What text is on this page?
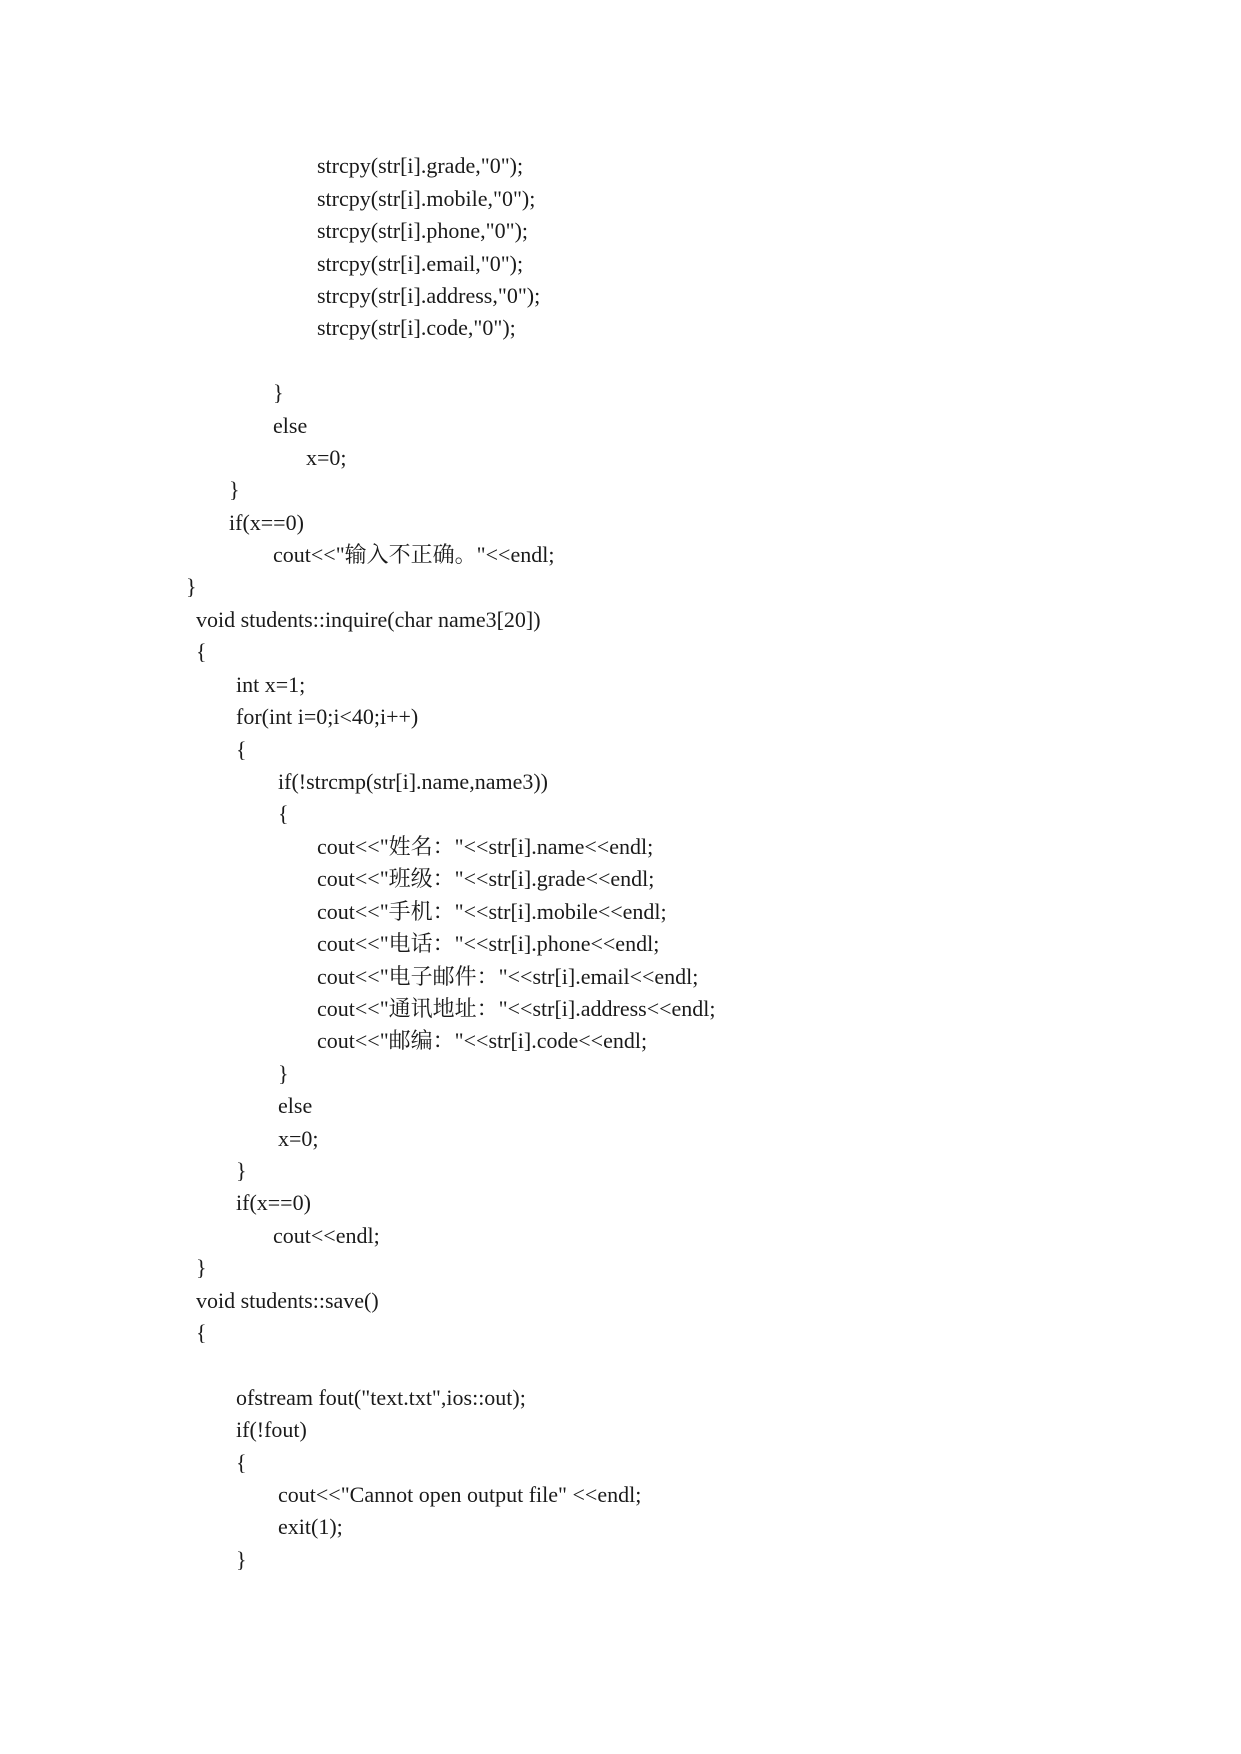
strcpy(str[i].grade,"0");

strcpy(str[i].mobile,"0");

strcpy(str[i].phone,"0");

strcpy(str[i].email,"0");

strcpy(str[i].address,"0");

strcpy(str[i].code,"0");

}

else

x=0;

}

if(x==0)

cout<<"输入不正确。"<<endl;

}

void students::inquire(char name3[20])

{

int x=1;

for(int i=0;i<40;i++)

{

if(!strcmp(str[i].name,name3))

{

cout<<"姓名："<<str[i].name<<endl;

cout<<"班级："<<str[i].grade<<endl;

cout<<"手机："<<str[i].mobile<<endl;

cout<<"电话："<<str[i].phone<<endl;

cout<<"电子邮件："<<str[i].email<<endl;

cout<<"通讯地址："<<str[i].address<<endl;

cout<<"邮编："<<str[i].code<<endl;

}

else

x=0;

}

if(x==0)

cout<<endl;

}

void students::save()

{

ofstream fout("text.txt",ios::out);

if(!fout)

{

cout<<"Cannot open output file" <<endl;

exit(1);

}
